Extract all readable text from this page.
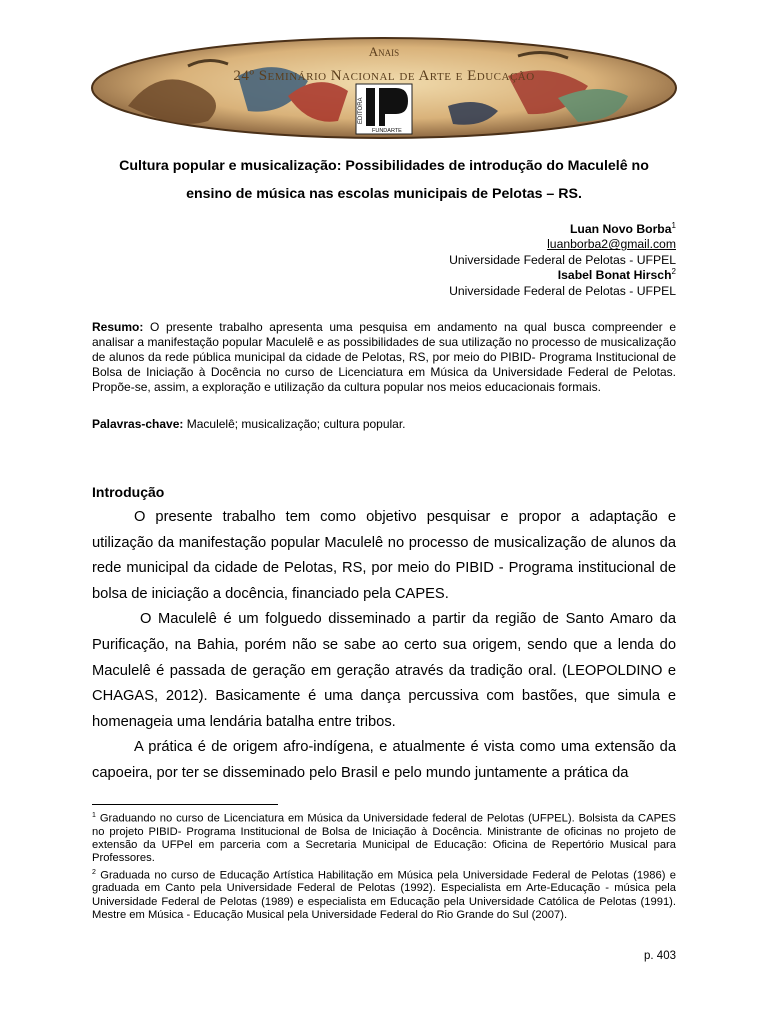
EDITORA
FUNDARTE
Anais
24º Seminário Nacional de Arte e Educação
Cultura popular e musicalização: Possibilidades de introdução do Maculelê no
ensino de música nas escolas municipais de Pelotas – RS.
Luan Novo Borba$^1$
luanborba2@gmail.com
Universidade Federal de Pelotas - UFPEL
Isabel Bonat Hirsch$^2$
Universidade Federal de Pelotas - UFPEL
Resumo: O presente trabalho apresenta uma pesquisa em andamento na qual busca compreender e analisar a manifestação popular Maculelê e as possibilidades de sua utilização no processo de musicalização de alunos da rede pública municipal da cidade de Pelotas, RS, por meio do PIBID- Programa Institucional de Bolsa de Iniciação à Docência no curso de Licenciatura em Música da Universidade Federal de Pelotas. Propõe-se, assim, a exploração e utilização da cultura popular nos meios educacionais formais.
Palavras-chave: Maculelê; musicalização; cultura popular.
Introdução

O presente trabalho tem como objetivo pesquisar e propor a adaptação e utilização da manifestação popular Maculelê no processo de musicalização de alunos da rede municipal da cidade de Pelotas, RS, por meio do PIBID - Programa institucional de bolsa de iniciação a docência, financiado pela CAPES.

O Maculelê é um folguedo disseminado a partir da região de Santo Amaro da Purificação, na Bahia, porém não se sabe ao certo sua origem, sendo que a lenda do Maculelê é passada de geração em geração através da tradição oral. (LEOPOLDINO e CHAGAS, 2012). Basicamente é uma dança percussiva com bastões, que simula e homenageia uma lendária batalha entre tribos.

A prática é de origem afro-indígena, e atualmente é vista como uma extensão da capoeira, por ter se disseminado pelo Brasil e pelo mundo juntamente a prática da

$^1$ Graduando no curso de Licenciatura em Música da Universidade federal de Pelotas (UFPEL). Bolsista da CAPES no projeto PIBID- Programa Institucional de Bolsa de Iniciação à Docência. Ministrante de oficinas no projeto de extensão da UFPel em parceria com a Secretaria Municipal de Educação: Oficina de Repertório Musical para Professores.

$^2$ Graduada no curso de Educação Artística Habilitação em Música pela Universidade Federal de Pelotas (1986) e graduada em Canto pela Universidade Federal de Pelotas (1992). Especialista em Arte-Educação - música pela Universidade Federal de Pelotas (1989) e especialista em Educação pela Universidade Católica de Pelotas (1991). Mestre em Música - Educação Musical pela Universidade Federal do Rio Grande do Sul (2007).

p. 403
